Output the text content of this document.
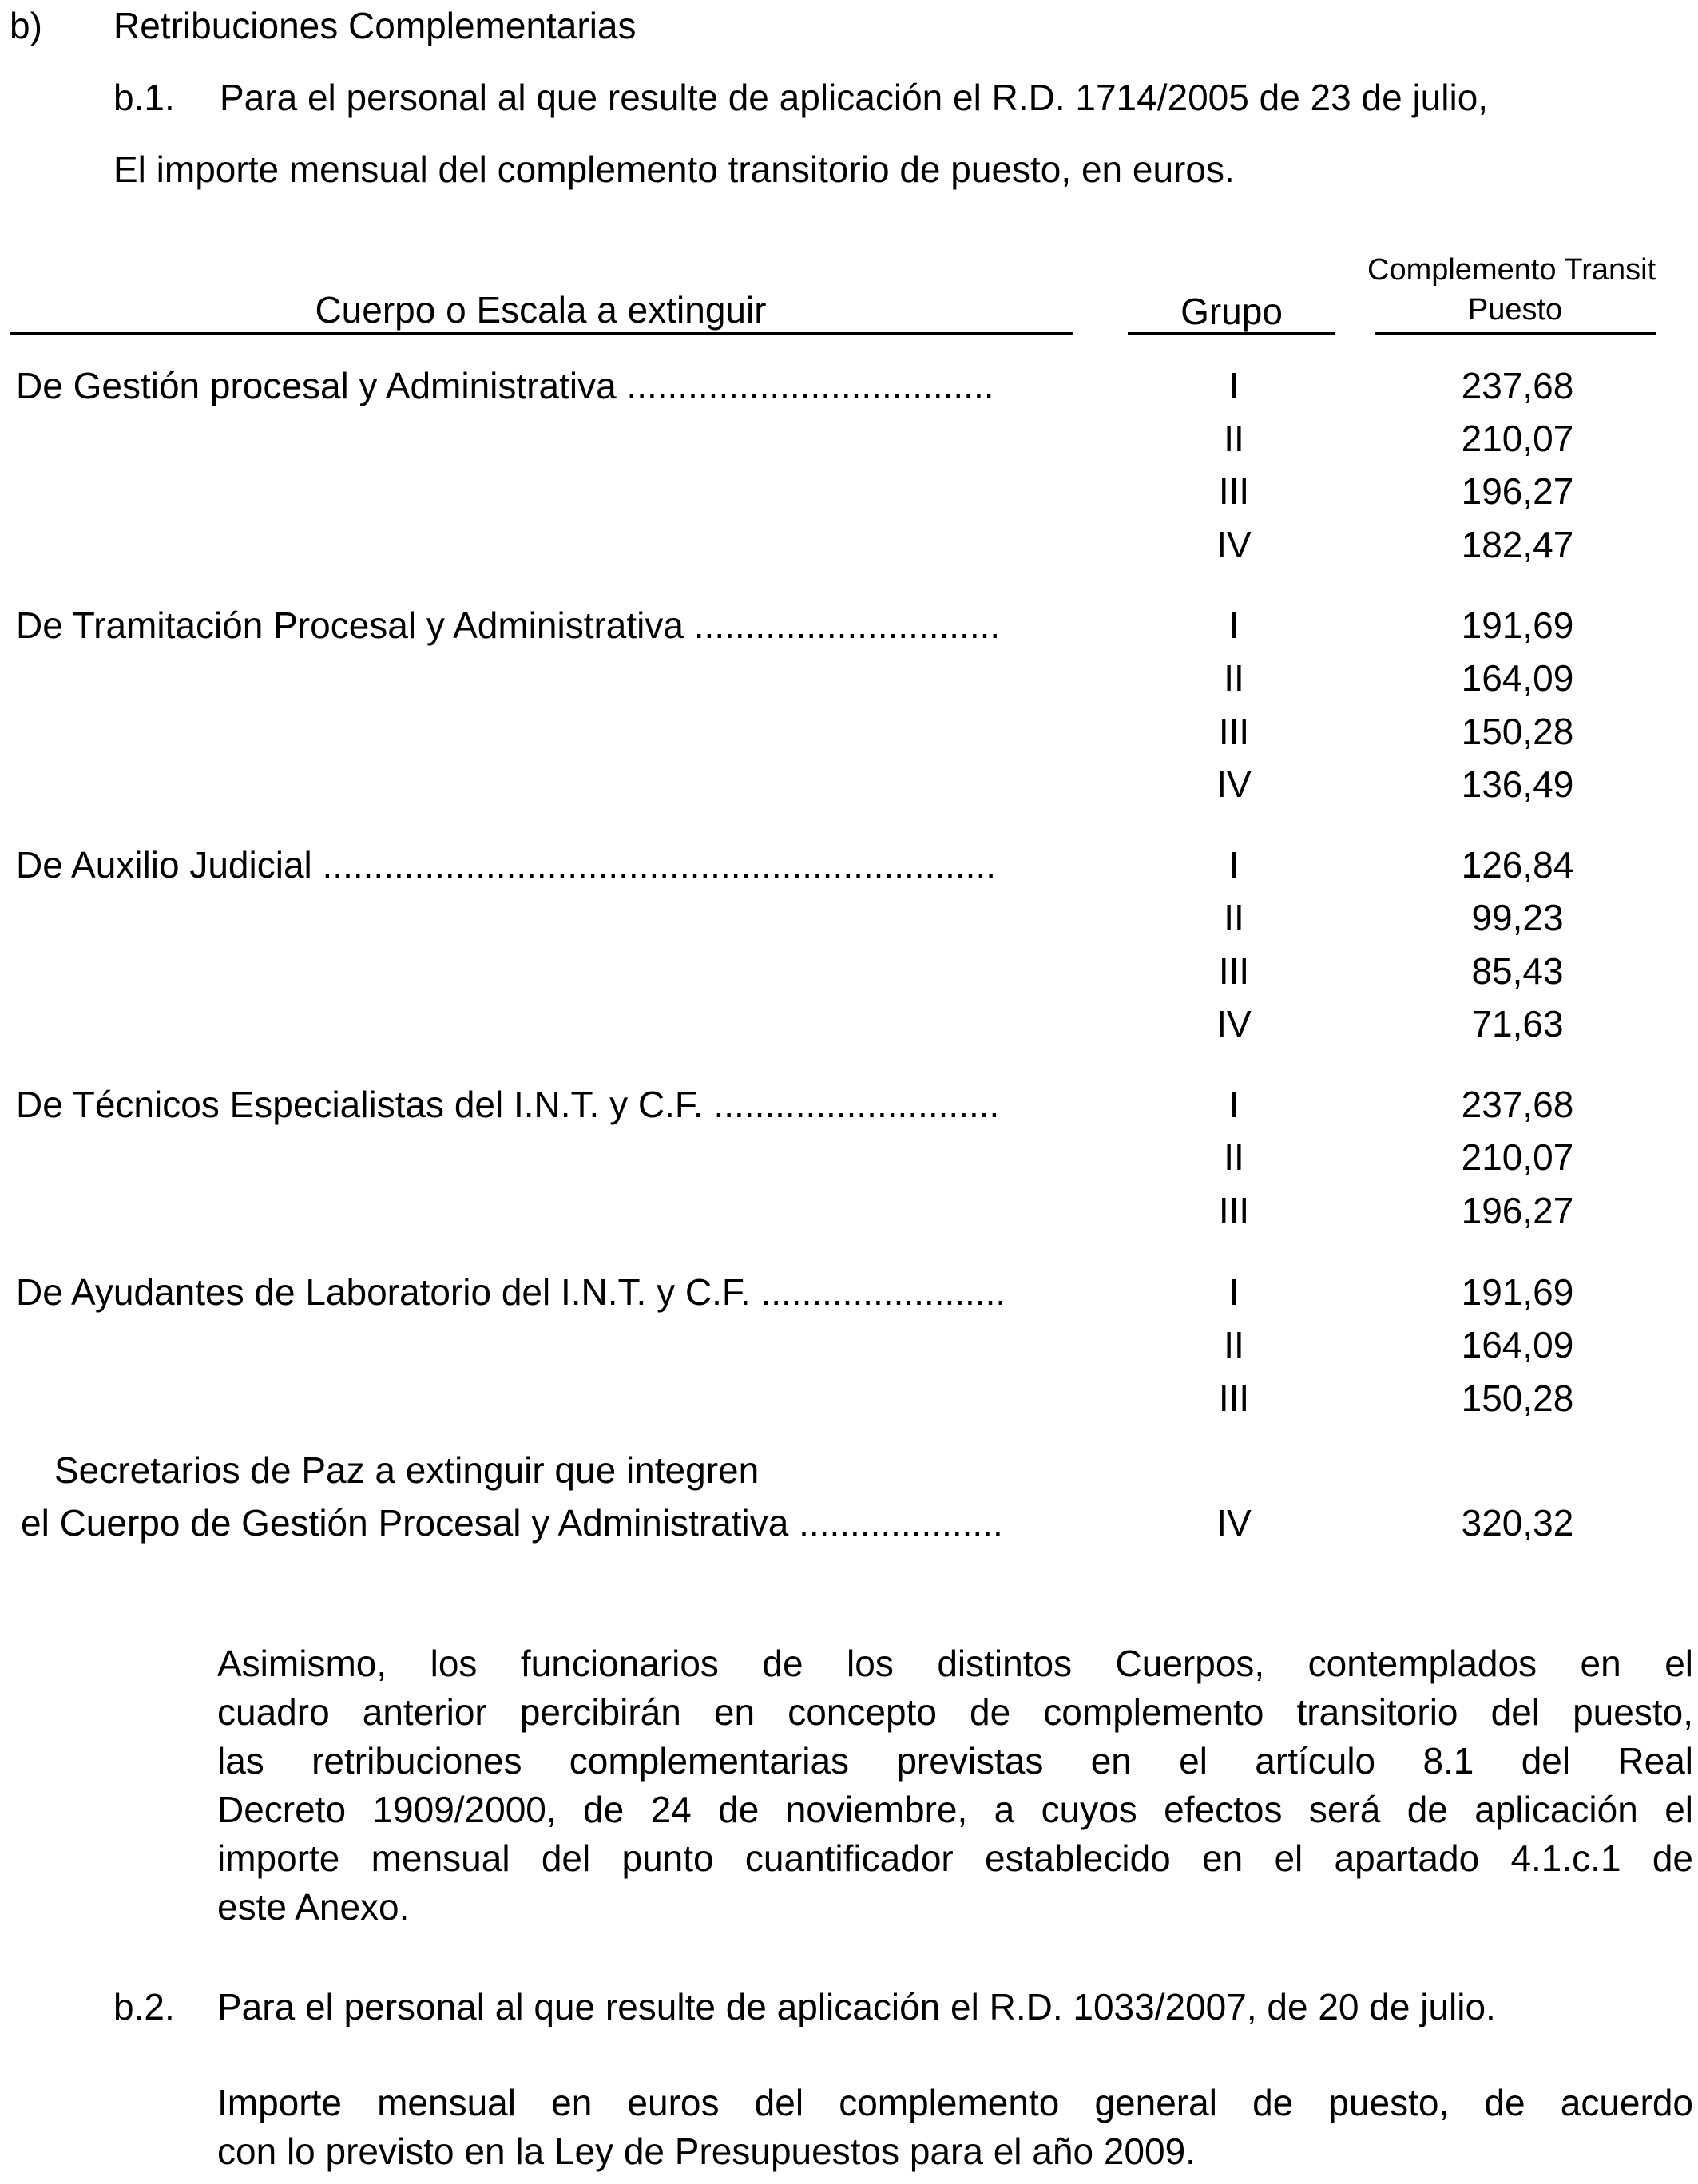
b) Retribuciones Complementarias
b.1. Para el personal al que resulte de aplicación el R.D. 1714/2005 de 23 de julio,
El importe mensual del complemento transitorio de puesto, en euros.
Cuerpo o Escala a extinguir	Grupo
Complemento Transit
Puesto
De Gestión procesal y Administrativa ....................................	I	237,68
II	210,07
III	196,27
IV	182,47
De Tramitación Procesal y Administrativa ..............................	I	191,69
II	164,09
III	150,28
IV	136,49
De Auxilio Judicial ..................................................................	I	126,84
II	99,23
III	85,43
IV	71,63
De Técnicos Especialistas del I.N.T. y C.F. ............................	I	237,68
II	210,07
III	196,27
De Ayudantes de Laboratorio del I.N.T. y C.F. ........................	I	191,69
II	164,09
III	150,28
Secretarios de Paz a extinguir que integren
el Cuerpo de Gestión Procesal y Administrativa ....................	IV	320,32
Asimismo, los funcionarios de los distintos Cuerpos, contemplados en el
cuadro anterior percibirán en concepto de complemento transitorio del puesto,
las retribuciones complementarias previstas en el artículo 8.1 del Real
Decreto 1909/2000, de 24 de noviembre, a cuyos efectos será de aplicación el
importe mensual del punto cuantificador establecido en el apartado 4.1.c.1 de
este Anexo.
b.2. Para el personal al que resulte de aplicación el R.D. 1033/2007, de 20 de julio.
Importe mensual en euros del complemento general de puesto, de acuerdo
con lo previsto en la Ley de Presupuestos para el año 2009.
